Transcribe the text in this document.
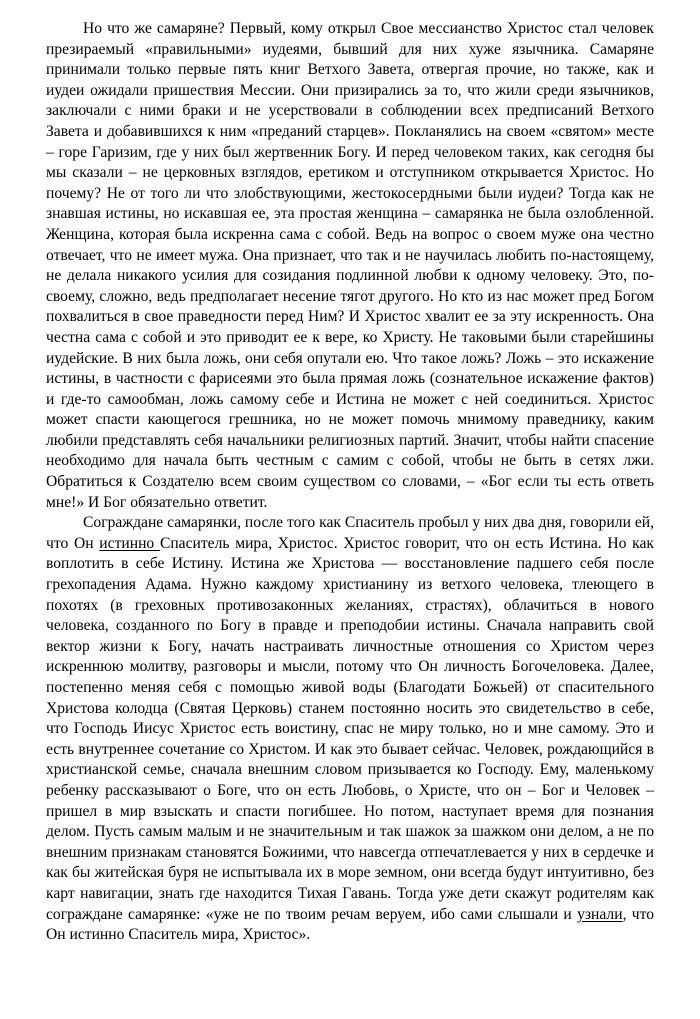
Но что же самаряне? Первый, кому открыл Свое мессианство Христос стал человек презираемый «правильными» иудеями, бывший для них хуже язычника. Самаряне принимали только первые пять книг Ветхого Завета, отвергая прочие, но также, как и иудеи ожидали пришествия Мессии. Они призирались за то, что жили среди язычников, заключали с ними браки и не усерствовали в соблюдении всех предписаний Ветхого Завета и добавившихся к ним «преданий старцев». Покланялись на своем «святом» месте – горе Гаризим, где у них был жертвенник Богу. И перед человеком таких, как сегодня бы мы сказали – не церковных взглядов, еретиком и отступником открывается Христос. Но почему? Не от того ли что злобствующими, жестокосердными были иудеи? Тогда как не знавшая истины, но искавшая ее, эта простая женщина – самарянка не была озлобленной. Женщина, которая была искренна сама с собой. Ведь на вопрос о своем муже она честно отвечает, что не имеет мужа. Она признает, что так и не научилась любить по-настоящему, не делала никакого усилия для созидания подлинной любви к одному человеку. Это, по-своему, сложно, ведь предполагает несение тягот другого. Но кто из нас может пред Богом похвалиться в свое праведности перед Ним? И Христос хвалит ее за эту искренность. Она честна сама с собой и это приводит ее к вере, ко Христу. Не таковыми были старейшины иудейские. В них была ложь, они себя опутали ею. Что такое ложь? Ложь – это искажение истины, в частности с фарисеями это была прямая ложь (сознательное искажение фактов) и где-то самообман, ложь самому себе и Истина не может с ней соединиться. Христос может спасти кающегося грешника, но не может помочь мнимому праведнику, каким любили представлять себя начальники религиозных партий. Значит, чтобы найти спасение необходимо для начала быть честным с самим с собой, чтобы не быть в сетях лжи. Обратиться к Создателю всем своим существом со словами, – «Бог если ты есть ответь мне!» И Бог обязательно ответит.

Сограждане самарянки, после того как Спаситель пробыл у них два дня, говорили ей, что Он истинно Спаситель мира, Христос. Христос говорит, что он есть Истина. Но как воплотить в себе Истину. Истина же Христова — восстановление падшего себя после грехопадения Адама. Нужно каждому христианину из ветхого человека, тлеющего в похотях (в греховных противозаконных желаниях, страстях), облачиться в нового человека, созданного по Богу в правде и преподобии истины. Сначала направить свой вектор жизни к Богу, начать настраивать личностные отношения со Христом через искреннюю молитву, разговоры и мысли, потому что Он личность Богочеловека. Далее, постепенно меняя себя с помощью живой воды (Благодати Божьей) от спасительного Христова колодца (Святая Церковь) станем постоянно носить это свидетельство в себе, что Господь Иисус Христос есть воистину, спас не миру только, но и мне самому. Это и есть внутреннее сочетание со Христом. И как это бывает сейчас. Человек, рождающийся в христианской семье, сначала внешним словом призывается ко Господу. Ему, маленькому ребенку рассказывают о Боге, что он есть Любовь, о Христе, что он – Бог и Человек – пришел в мир взыскать и спасти погибшее. Но потом, наступает время для познания делом. Пусть самым малым и не значительным и так шажок за шажком они делом, а не по внешним признакам становятся Божиими, что навсегда отпечатлевается у них в сердечке и как бы житейская буря не испытывала их в море земном, они всегда будут интуитивно, без карт навигации, знать где находится Тихая Гавань. Тогда уже дети скажут родителям как сограждане самарянке: «уже не по твоим речам веруем, ибо сами слышали и узнали, что Он истинно Спаситель мира, Христос».
